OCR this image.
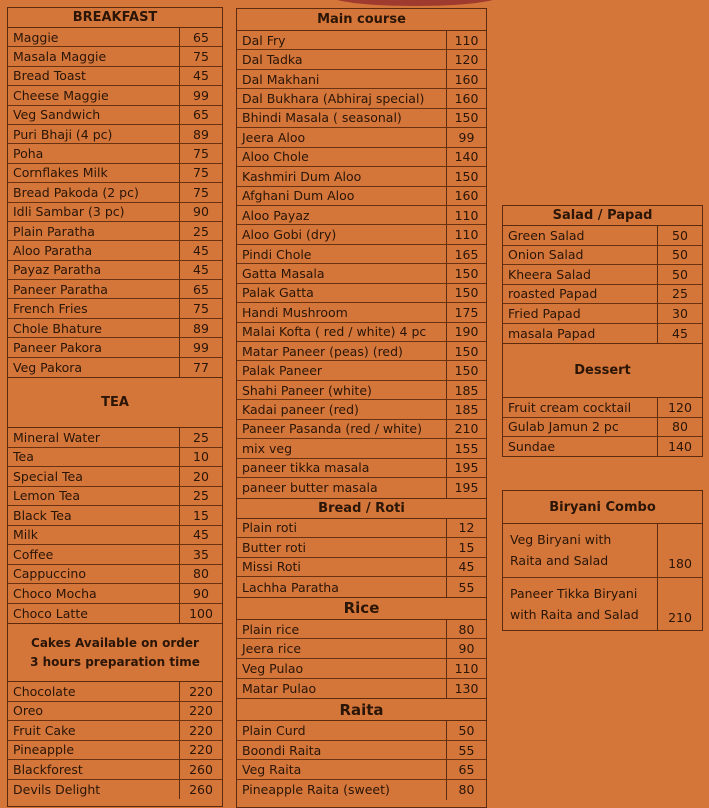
BREAKFAST
Maggie	65
Masala Maggie	75
Bread Toast	45
Cheese Maggie	99
Veg Sandwich	65
Puri Bhaji (4 pc)	89
Poha	75
Cornflakes Milk	75
Bread Pakoda (2 pc)	75
Idli Sambar (3 pc)	90
Plain Paratha	25
Aloo Paratha	45
Payaz Paratha	45
Paneer Paratha	65
French Fries	75
Chole Bhature	89
Paneer Pakora	99
Veg Pakora	77
TEA
Mineral Water	25
Tea	10
Special Tea	20
Lemon Tea	25
Black Tea	15
Milk	45
Coffee	35
Cappuccino	80
Choco Mocha	90
Choco Latte	100
Cakes Available on order
3 hours preparation time
Chocolate	220
Oreo	220
Fruit Cake	220
Pineapple	220
Blackforest	260
Devils Delight	260
Main course
Dal Fry	110
Dal Tadka	120
Dal Makhani	160
Dal Bukhara (Abhiraj special)	160
Bhindi Masala ( seasonal)	150
Jeera Aloo	99
Aloo Chole	140
Kashmiri Dum Aloo	150
Afghani Dum Aloo	160
Aloo Payaz	110
Aloo Gobi (dry)	110
Pindi Chole	165
Gatta Masala	150
Palak Gatta	150
Handi Mushroom	175
Malai Kofta ( red / white) 4 pc	190
Matar Paneer (peas) (red)	150
Palak Paneer	150
Shahi Paneer (white)	185
Kadai paneer (red)	185
Paneer Pasanda (red / white)	210
mix veg	155
paneer tikka masala	195
paneer butter masala	195
Bread / Roti
Plain roti	12
Butter roti	15
Missi Roti	45
Lachha Paratha	55
Rice
Plain rice	80
Jeera rice	90
Veg Pulao	110
Matar Pulao	130
Raita
Plain Curd	50
Boondi Raita	55
Veg Raita	65
Pineapple Raita (sweet)	80
Salad / Papad
Green Salad	50
Onion Salad	50
Kheera Salad	50
roasted Papad	25
Fried Papad	30
masala Papad	45
Dessert
Fruit cream cocktail	120
Gulab Jamun 2 pc	80
Sundae	140
Biryani Combo
Veg Biryani with
Raita and Salad	180
Paneer Tikka Biryani
with Raita and Salad	210
